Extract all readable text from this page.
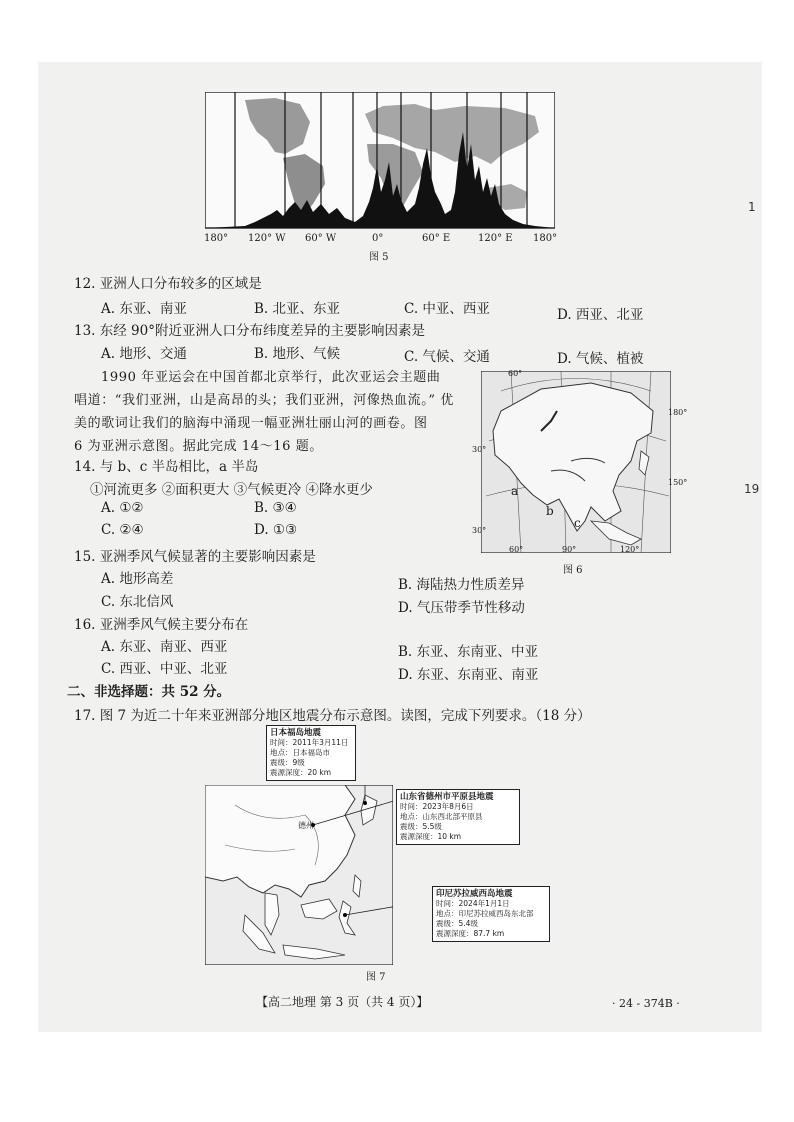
180° 120° W 60° W	0°	60° E	120° E 180°
图 5
12. 亚洲人口分布较多的区域是
A. 东亚、南亚	B. 北亚、东亚	C. 中亚、西亚	D. 西亚、北亚
13. 东经 90°附近亚洲人口分布纬度差异的主要影响因素是
A. 地形、交通	B. 地形、气候	C. 气候、交通	D. 气候、植被
1990 年亚运会在中国首都北京举行，此次亚运会主题曲
唱道：“我们亚洲，山是高昂的头；我们亚洲，河像热血流。” 优
美的歌词让我们的脑海中涌现一幅亚洲壮丽山河的画卷。图
6 为亚洲示意图。据此完成 14～16 题。
60°
180°
30°
150°
a
b
c
60°	90°	120°
30°
图 6
14. 与 b、c 半岛相比，a 半岛
①河流更多 ②面积更大 ③气候更冷 ④降水更少
A. ①②	B. ③④
C. ②④	D. ①③
15. 亚洲季风气候显著的主要影响因素是
A. 地形高差	B. 海陆热力性质差异
C. 东北信风	D. 气压带季节性移动
16. 亚洲季风气候主要分布在
A. 东亚、南亚、西亚	B. 东亚、东南亚、中亚
C. 西亚、中亚、北亚	D. 东亚、东南亚、南亚
二、非选择题：共 52 分。
17. 图 7 为近二十年来亚洲部分地区地震分布示意图。读图，完成下列要求。（18 分）
德州
日本福岛地震
时间：2011年3月11日
地点：日本福岛市
震级：9级
震源深度：20 km
山东省德州市平原县地震
时间：2023年8月6日
地点：山东西北部平原县
震级：5.5级
震源深度：10 km
印尼苏拉威西岛地震
时间：2024年1月1日
地点：印尼苏拉威西岛东北部
震级：5.4级
震源深度：87.7 km
图 7
【高二地理 第 3 页（共 4 页）】	· 24 - 374B ·
1
19
